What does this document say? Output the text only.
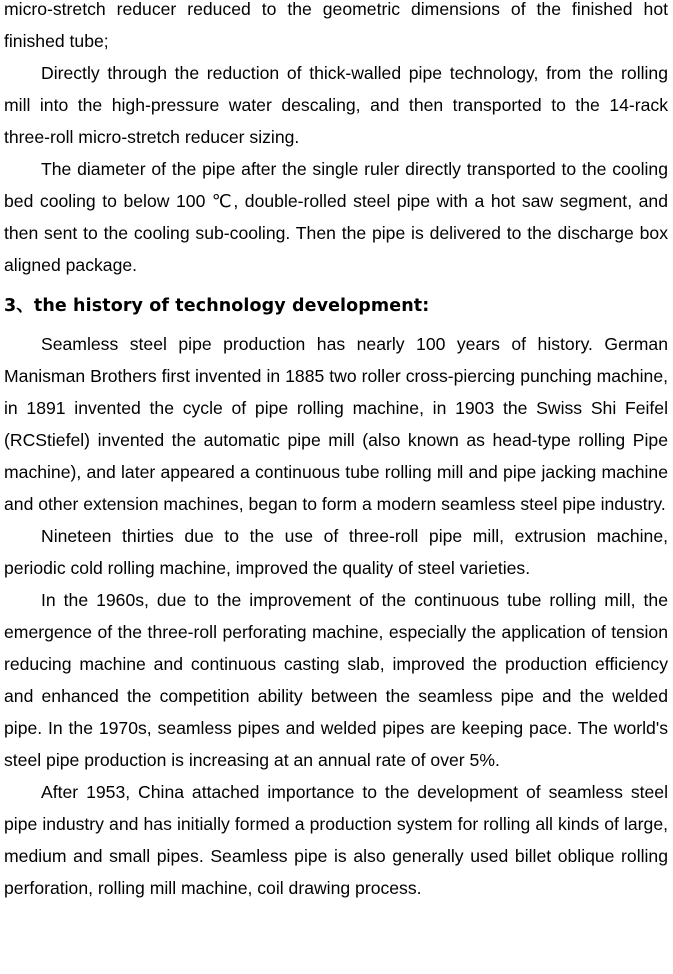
micro-stretch reducer reduced to the geometric dimensions of the finished hot finished tube;

Directly through the reduction of thick-walled pipe technology, from the rolling mill into the high-pressure water descaling, and then transported to the 14-rack three-roll micro-stretch reducer sizing.

The diameter of the pipe after the single ruler directly transported to the cooling bed cooling to below 100 ℃, double-rolled steel pipe with a hot saw segment, and then sent to the cooling sub-cooling. Then the pipe is delivered to the discharge box aligned package.

3、the history of technology development:

Seamless steel pipe production has nearly 100 years of history. German Manisman Brothers first invented in 1885 two roller cross-piercing punching machine, in 1891 invented the cycle of pipe rolling machine, in 1903 the Swiss Shi Feifel (RCStiefel) invented the automatic pipe mill (also known as head-type rolling Pipe machine), and later appeared a continuous tube rolling mill and pipe jacking machine and other extension machines, began to form a modern seamless steel pipe industry.

Nineteen thirties due to the use of three-roll pipe mill, extrusion machine, periodic cold rolling machine, improved the quality of steel varieties.

In the 1960s, due to the improvement of the continuous tube rolling mill, the emergence of the three-roll perforating machine, especially the application of tension reducing machine and continuous casting slab, improved the production efficiency and enhanced the competition ability between the seamless pipe and the welded pipe. In the 1970s, seamless pipes and welded pipes are keeping pace. The world's steel pipe production is increasing at an annual rate of over 5%.

After 1953, China attached importance to the development of seamless steel pipe industry and has initially formed a production system for rolling all kinds of large, medium and small pipes. Seamless pipe is also generally used billet oblique rolling perforation, rolling mill machine, coil drawing process.
